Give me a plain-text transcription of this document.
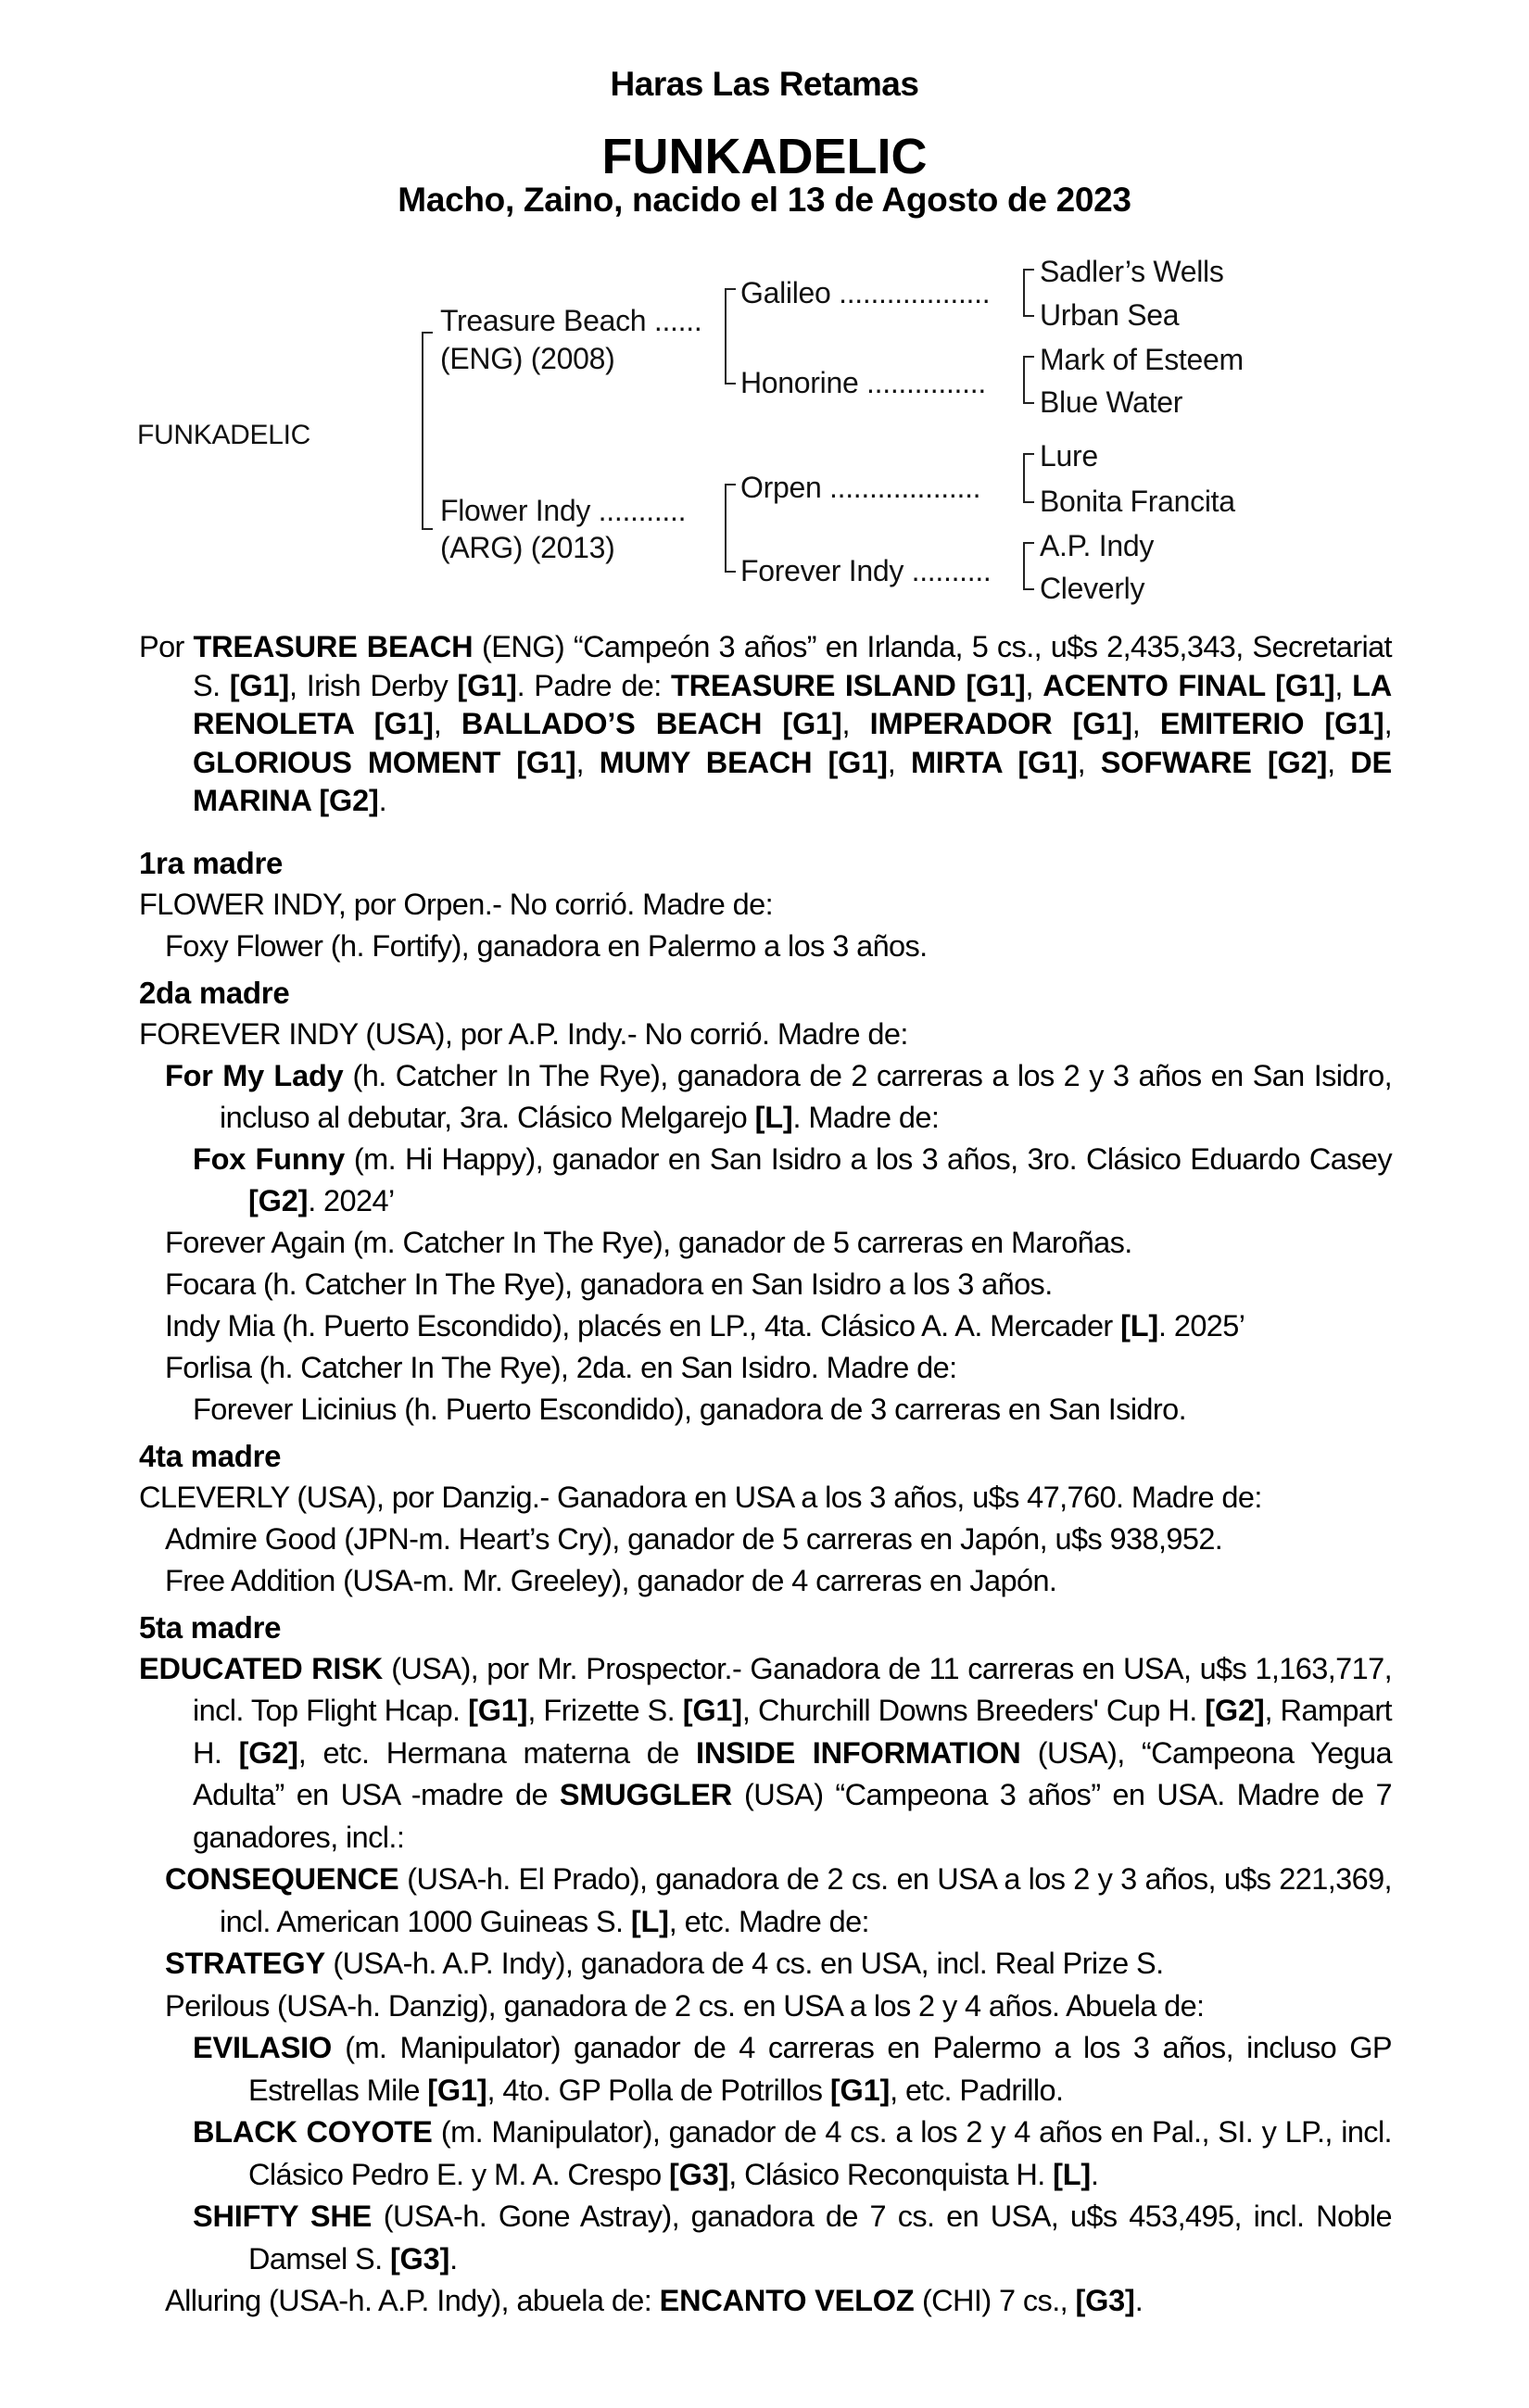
Haras Las Retamas
FUNKADELIC
Macho, Zaino, nacido el 13 de Agosto de 2023
FUNKADELIC
Treasure Beach ......
(ENG) (2008)
Flower Indy ...........
(ARG) (2013)
Galileo ...................
Honorine ...............
Orpen ...................
Forever Indy ..........
Sadler’s Wells
Urban Sea
Mark of Esteem
Blue Water
Lure
Bonita Francita
A.P. Indy
Cleverly

Por TREASURE BEACH (ENG) “Campeón 3 años” en Irlanda, 5 cs., u$s 2,435,343, Secretariat S. [G1], Irish Derby [G1]. Padre de: TREASURE ISLAND [G1], ACENTO FINAL [G1], LA RENOLETA [G1], BALLADO’S BEACH [G1], IMPERADOR [G1], EMITERIO [G1], GLORIOUS MOMENT [G1], MUMY BEACH [G1], MIRTA [G1], SOFWARE [G2], DE MARINA [G2].

1ra madre

FLOWER INDY, por Orpen.- No corrió. Madre de:

Foxy Flower (h. Fortify), ganadora en Palermo a los 3 años.

2da madre

FOREVER INDY (USA), por A.P. Indy.- No corrió. Madre de:

For My Lady (h. Catcher In The Rye), ganadora de 2 carreras a los 2 y 3 años en San Isidro, incluso al debutar, 3ra. Clásico Melgarejo [L]. Madre de:

Fox Funny (m. Hi Happy), ganador en San Isidro a los 3 años, 3ro. Clásico Eduardo Casey [G2]. 2024’

Forever Again (m. Catcher In The Rye), ganador de 5 carreras en Maroñas.

Focara (h. Catcher In The Rye), ganadora en San Isidro a los 3 años.

Indy Mia (h. Puerto Escondido), placés en LP., 4ta. Clásico A. A. Mercader [L]. 2025’

Forlisa (h. Catcher In The Rye), 2da. en San Isidro. Madre de:

Forever Licinius (h. Puerto Escondido), ganadora de 3 carreras en San Isidro.

4ta madre

CLEVERLY (USA), por Danzig.- Ganadora en USA a los 3 años, u$s 47,760. Madre de:

Admire Good (JPN-m. Heart’s Cry), ganador de 5 carreras en Japón, u$s 938,952.

Free Addition (USA-m. Mr. Greeley), ganador de 4 carreras en Japón.

5ta madre

EDUCATED RISK (USA), por Mr. Prospector.- Ganadora de 11 carreras en USA, u$s 1,163,717, incl. Top Flight Hcap. [G1], Frizette S. [G1], Churchill Downs Breeders' Cup H. [G2], Rampart H. [G2], etc. Hermana materna de INSIDE INFORMATION (USA), “Campeona Yegua Adulta” en USA -madre de SMUGGLER (USA) “Campeona 3 años” en USA. Madre de 7 ganadores, incl.:

CONSEQUENCE (USA-h. El Prado), ganadora de 2 cs. en USA a los 2 y 3 años, u$s 221,369, incl. American 1000 Guineas S. [L], etc. Madre de:

STRATEGY (USA-h. A.P. Indy), ganadora de 4 cs. en USA, incl. Real Prize S.

Perilous (USA-h. Danzig), ganadora de 2 cs. en USA a los 2 y 4 años. Abuela de:

EVILASIO (m. Manipulator) ganador de 4 carreras en Palermo a los 3 años, incluso GP Estrellas Mile [G1], 4to. GP Polla de Potrillos [G1], etc. Padrillo.

BLACK COYOTE (m. Manipulator), ganador de 4 cs. a los 2 y 4 años en Pal., SI. y LP., incl. Clásico Pedro E. y M. A. Crespo [G3], Clásico Reconquista H. [L].

SHIFTY SHE (USA-h. Gone Astray), ganadora de 7 cs. en USA, u$s 453,495, incl. Noble Damsel S. [G3].

Alluring (USA-h. A.P. Indy), abuela de: ENCANTO VELOZ (CHI) 7 cs., [G3].
